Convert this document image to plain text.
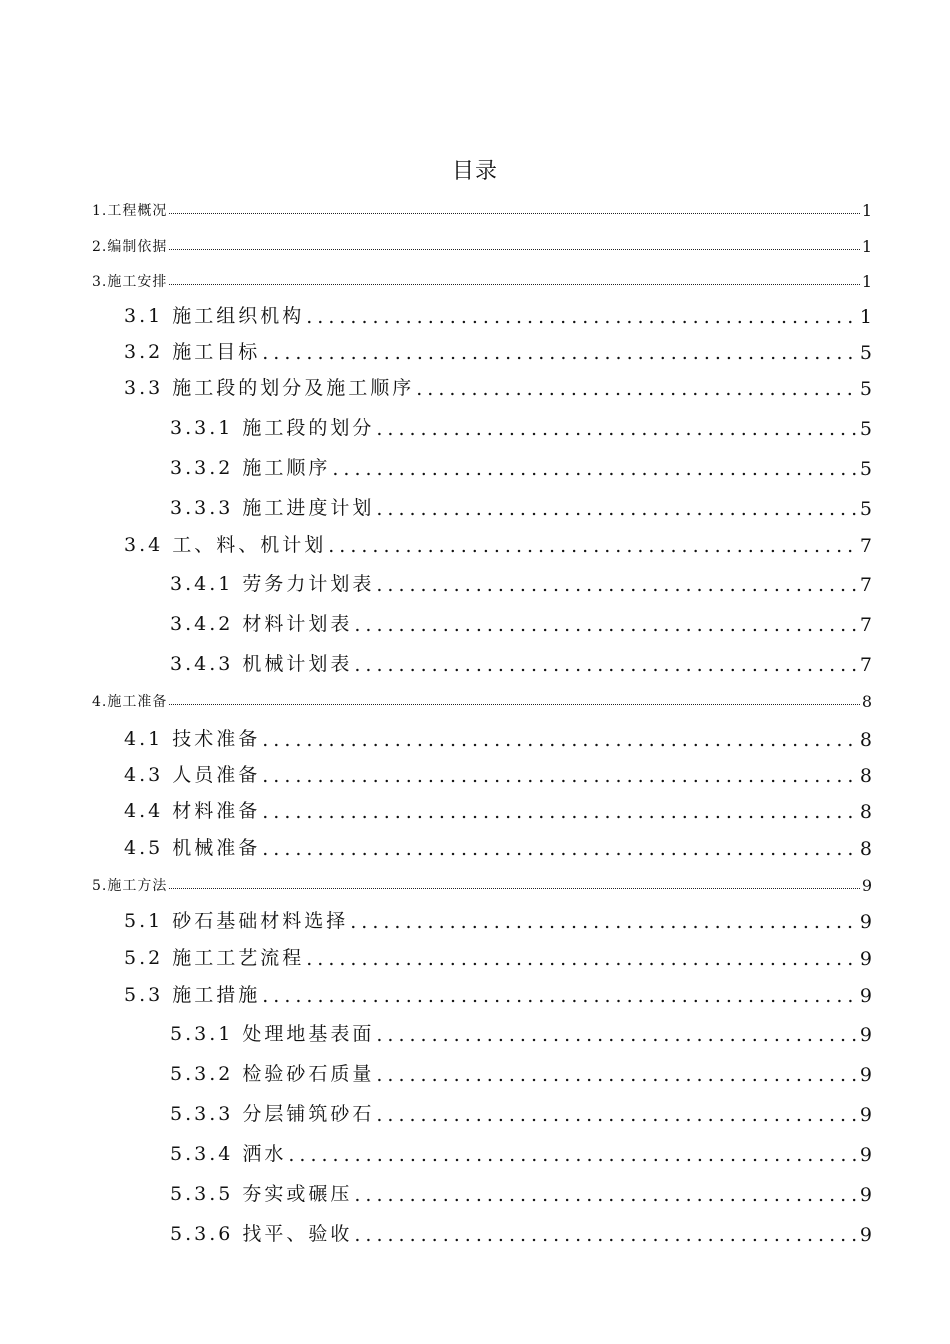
目录
1.工程概况	1
2.编制依据	1
3.施工安排	1
3.1 施工组织机构 .....	1
3.2 施工目标 .....	5
3.3 施工段的划分及施工顺序 .....	5
3.3.1 施工段的划分 .....	5
3.3.2 施工顺序 .....	5
3.3.3 施工进度计划 .....	5
3.4 工、料、机计划 .....	7
3.4.1 劳务力计划表 .....	7
3.4.2 材料计划表 .....	7
3.4.3 机械计划表 .....	7
4.施工准备	8
4.1 技术准备 .....	8
4.3 人员准备 .....	8
4.4 材料准备 .....	8
4.5 机械准备 .....	8
5.施工方法	9
5.1 砂石基础材料选择 .....	9
5.2 施工工艺流程 .....	9
5.3 施工措施 .....	9
5.3.1 处理地基表面 .....	9
5.3.2 检验砂石质量 .....	9
5.3.3 分层铺筑砂石 .....	9
5.3.4 洒水 .....	9
5.3.5 夯实或碾压 .....	9
5.3.6 找平、验收 .....	9
